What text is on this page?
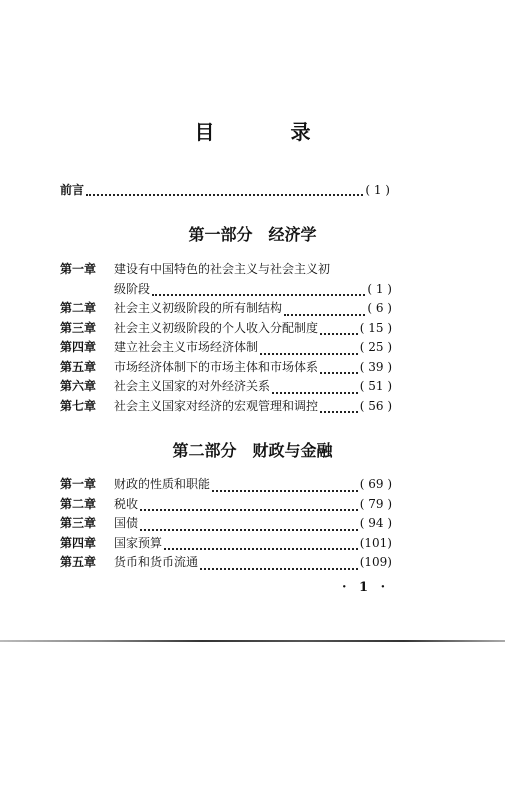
目　录
前言	( 1 )
第一部分 经济学
第一章	建设有中国特色的社会主义与社会主义初
级阶段	( 1 )
第二章	社会主义初级阶段的所有制结构	( 6 )
第三章	社会主义初级阶段的个人收入分配制度	( 15 )
第四章	建立社会主义市场经济体制	( 25 )
第五章	市场经济体制下的市场主体和市场体系	( 39 )
第六章	社会主义国家的对外经济关系	( 51 )
第七章	社会主义国家对经济的宏观管理和调控	( 56 )
第二部分 财政与金融
第一章	财政的性质和职能	( 69 )
第二章	税收	( 79 )
第三章	国债	( 94 )
第四章	国家预算	(101)
第五章	货币和货币流通	(109)
· 1 ·
